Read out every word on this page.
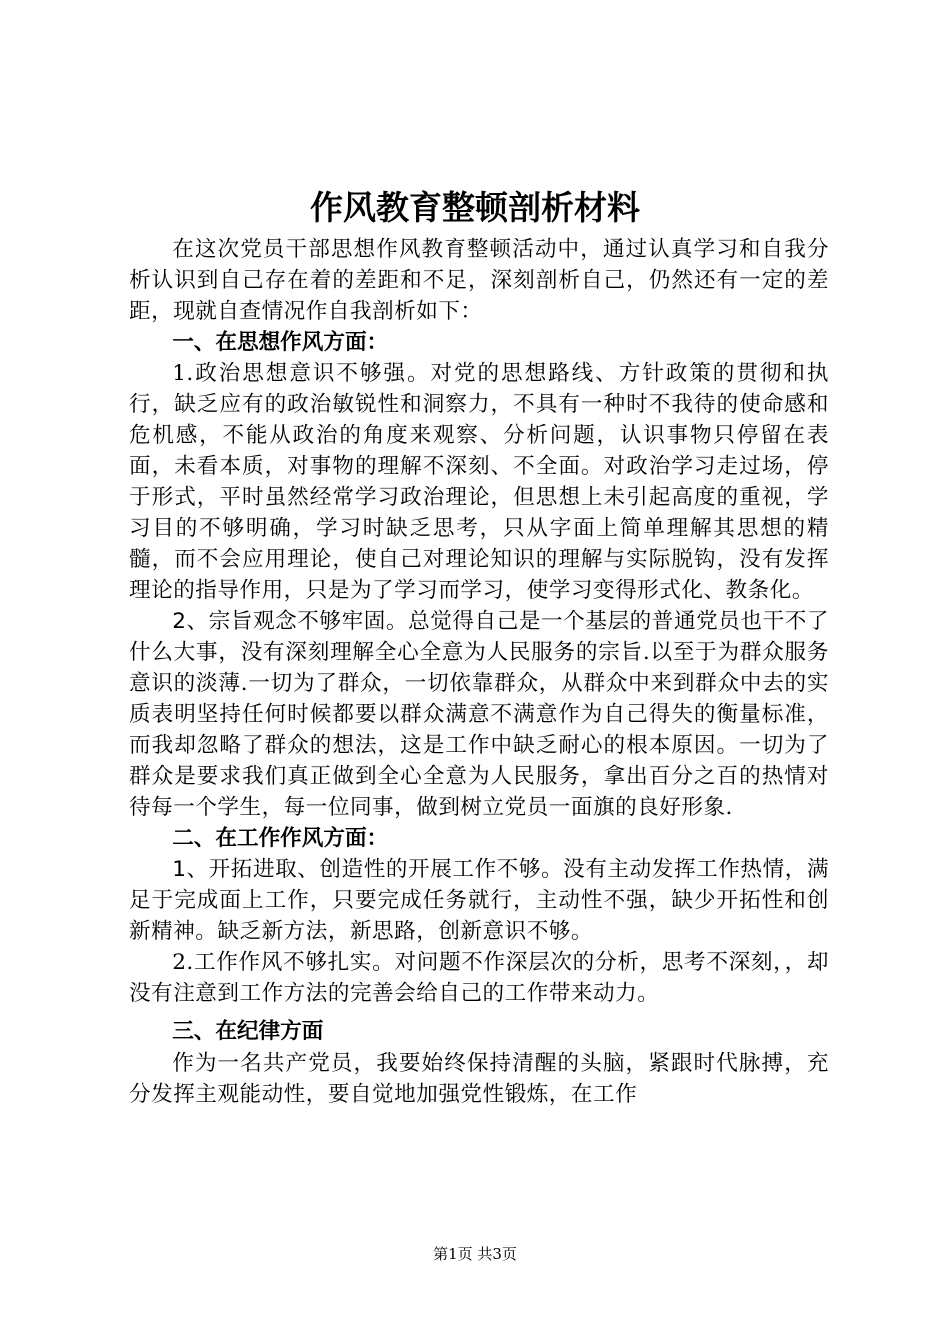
作风教育整顿剖析材料

在这次党员干部思想作风教育整顿活动中，通过认真学习和自我分析认识到自己存在着的差距和不足，深刻剖析自己，仍然还有一定的差距，现就自查情况作自我剖析如下：

一、在思想作风方面：

1.政治思想意识不够强。对党的思想路线、方针政策的贯彻和执行，缺乏应有的政治敏锐性和洞察力，不具有一种时不我待的使命感和危机感，不能从政治的角度来观察、分析问题，认识事物只停留在表面，未看本质，对事物的理解不深刻、不全面。对政治学习走过场，停于形式，平时虽然经常学习政治理论，但思想上未引起高度的重视，学习目的不够明确，学习时缺乏思考，只从字面上简单理解其思想的精髓，而不会应用理论，使自己对理论知识的理解与实际脱钩，没有发挥理论的指导作用，只是为了学习而学习，使学习变得形式化、教条化。

2、宗旨观念不够牢固。总觉得自己是一个基层的普通党员也干不了什么大事，没有深刻理解全心全意为人民服务的宗旨.以至于为群众服务意识的淡薄.一切为了群众，一切依靠群众，从群众中来到群众中去的实质表明坚持任何时候都要以群众满意不满意作为自己得失的衡量标准，而我却忽略了群众的想法，这是工作中缺乏耐心的根本原因。一切为了群众是要求我们真正做到全心全意为人民服务，拿出百分之百的热情对待每一个学生，每一位同事，做到树立党员一面旗的良好形象.

二、在工作作风方面：

1、开拓进取、创造性的开展工作不够。没有主动发挥工作热情，满足于完成面上工作，只要完成任务就行，主动性不强，缺少开拓性和创新精神。缺乏新方法，新思路，创新意识不够。

2.工作作风不够扎实。对问题不作深层次的分析，思考不深刻，，却没有注意到工作方法的完善会给自己的工作带来动力。

三、在纪律方面

作为一名共产党员，我要始终保持清醒的头脑，紧跟时代脉搏，充分发挥主观能动性，要自觉地加强党性锻炼，在工作

第1页 共3页
